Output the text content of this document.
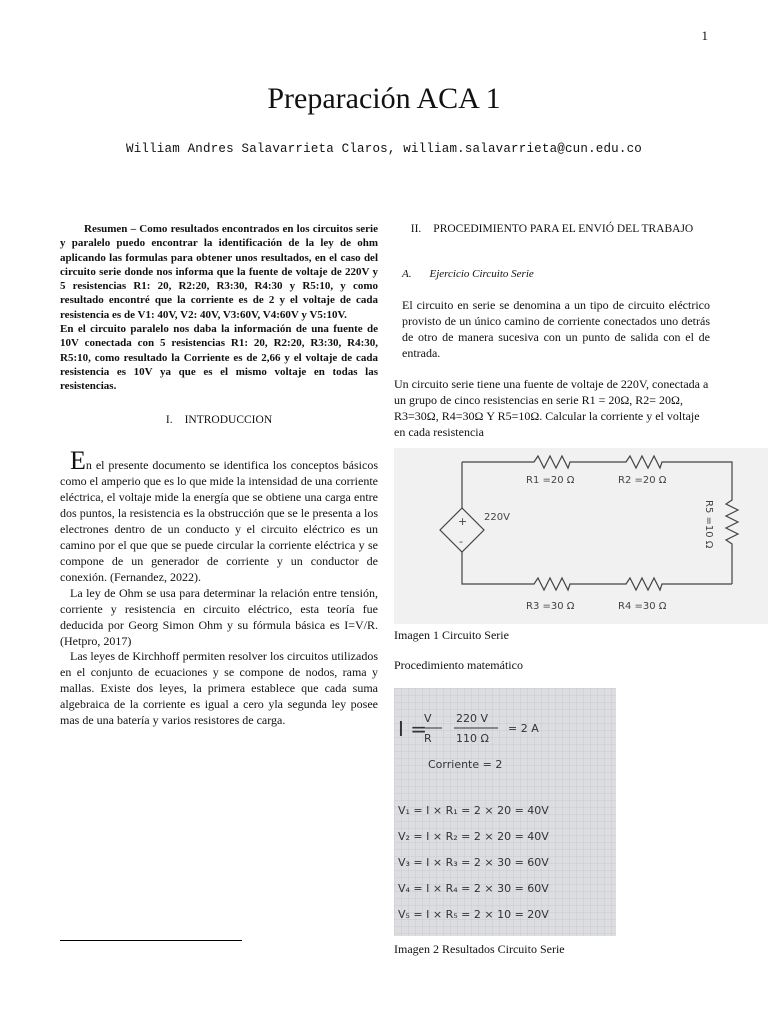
1
Preparación ACA 1
William Andres Salavarrieta Claros, william.salavarrieta@cun.edu.co

Resumen – Como resultados encontrados en los circuitos serie y paralelo puedo encontrar la identificación de la ley de ohm aplicando las formulas para obtener unos resultados, en el caso del circuito serie donde nos informa que la fuente de voltaje de 220V y 5 resistencias R1: 20, R2:20, R3:30, R4:30 y R5:10, y como resultado encontré que la corriente es de 2 y el voltaje de cada resistencia es de V1: 40V, V2: 40V, V3:60V, V4:60V y V5:10V.

En el circuito paralelo nos daba la información de una fuente de 10V conectada con 5 resistencias R1: 20, R2:20, R3:30, R4:30, R5:10, como resultado la Corriente es de 2,66 y el voltaje de cada resistencia es 10V ya que es el mismo voltaje en todas las resistencias.

I. INTRODUCCION

En el presente documento se identifica los conceptos básicos como el amperio que es lo que mide la intensidad de una corriente eléctrica, el voltaje mide la energía que se obtiene una carga entre dos puntos, la resistencia es la obstrucción que se le presenta a los electrones dentro de un conducto y el circuito eléctrico es un camino por el que que se puede circular la corriente eléctrica y se compone de un generador de corriente y un conductor de conexión. (Fernandez, 2022).

La ley de Ohm se usa para determinar la relación entre tensión, corriente y resistencia en circuito eléctrico, esta teoría fue deducida por Georg Simon Ohm y su fórmula básica es I=V/R. (Hetpro, 2017)

Las leyes de Kirchhoff permiten resolver los circuitos utilizados en el conjunto de ecuaciones y se compone de nodos, rama y mallas. Existe dos leyes, la primera establece que cada suma algebraica de la corriente es igual a cero yla segunda ley posee mas de una batería y varios resistores de carga.

II. PROCEDIMIENTO PARA EL ENVIÓ DEL TRABAJO
A. Ejercicio Circuito Serie

El circuito en serie se denomina a un tipo de circuito eléctrico provisto de un único camino de corriente conectados uno detrás de otro de manera sucesiva con un punto de salida con el de entrada.

Un circuito serie tiene una fuente de voltaje de 220V, conectada a un grupo de cinco resistencias en serie R1 = 20Ω, R2= 20Ω, R3=30Ω, R4=30Ω Y R5=10Ω. Calcular la corriente y el voltaje en cada resistencia
+
-
220V
R1 =20 Ω	R2 =20 Ω
R3 =30 Ω	R4 =30 Ω
R5 =10 Ω
Imagen 1 Circuito Serie
Procedimiento matemático
I =
V
R
220 V
110 Ω
= 2 A
Corriente = 2
V₁ = I × R₁ = 2 × 20 = 40V
V₂ = I × R₂ = 2 × 20 = 40V
V₃ = I × R₃ = 2 × 30 = 60V
V₄ = I × R₄ = 2 × 30 = 60V
V₅ = I × R₅ = 2 × 10 = 20V
Imagen 2 Resultados Circuito Serie
